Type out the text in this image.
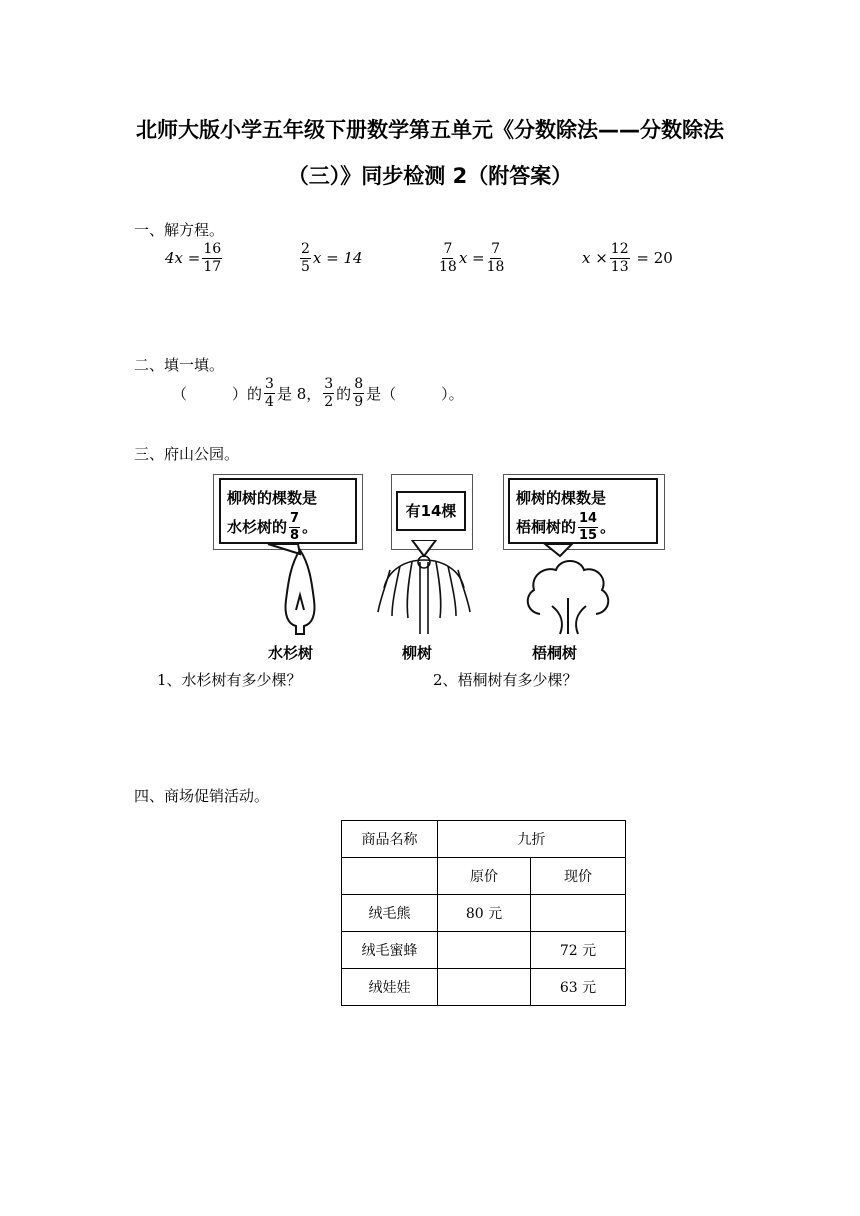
北师大版小学五年级下册数学第五单元《分数除法——分数除法
（三）》同步检测 2（附答案）
一、解方程。
$4x = \frac{16}{17}$	$\frac{2}{5}$ x = 14	$\frac{7}{18}$ $x = \frac{7}{18}$	$x \times \frac{12}{13} = 20$
二、填一填。
（　　　）的 $\frac{3}{4}$ 是 8， $\frac{3}{2}$ 的 $\frac{8}{9}$ 是（　　　）。
三、府山公园。
柳树的棵数是
水杉树的 $\frac{7}{8}$ 。
有14棵
柳树的棵数是
梧桐树的 $\frac{14}{15}$ 。
水杉树	柳树	梧桐树
1、水杉树有多少棵？	2、梧桐树有多少棵？
四、商场促销活动。
商品名称	九折	
	原价	现价
绒毛熊	80 元	
绒毛蜜蜂		72 元
绒娃娃		63 元
